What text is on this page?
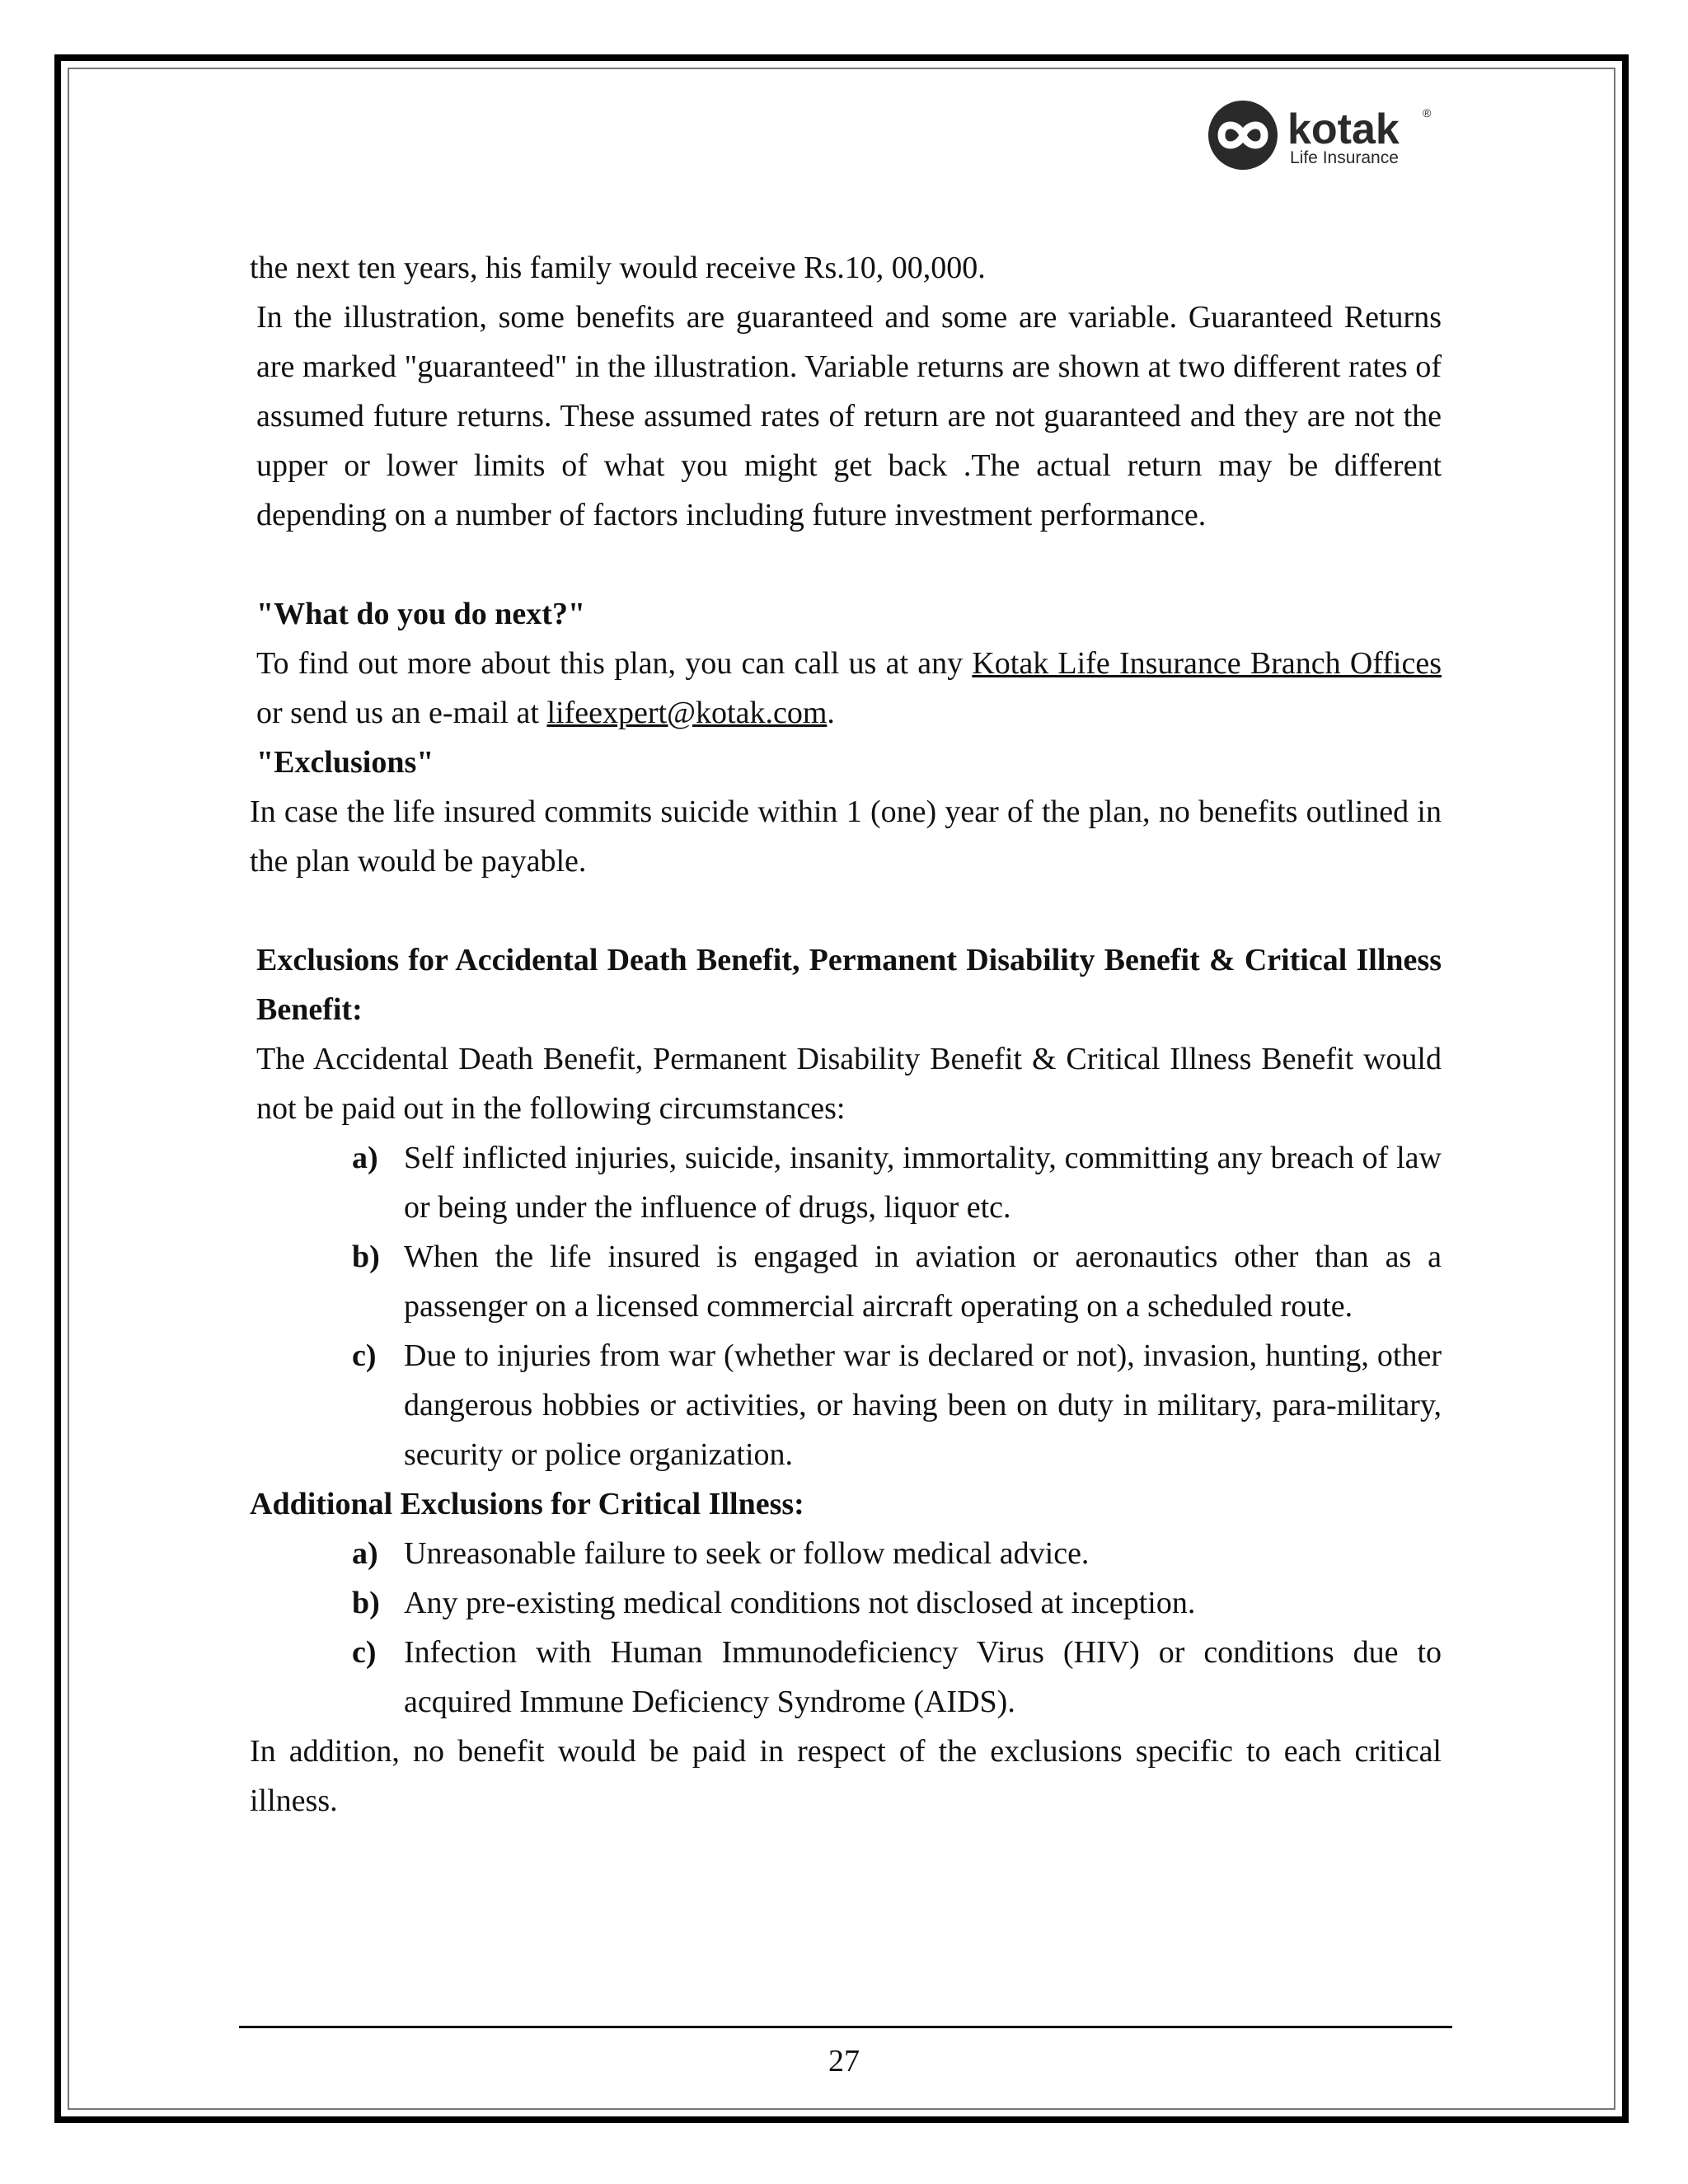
kotak ®
Life Insurance

the next ten years, his family would receive Rs.10, 00,000.

In the illustration, some benefits are guaranteed and some are variable. Guaranteed Returns are marked "guaranteed" in the illustration. Variable returns are shown at two different rates of assumed future returns. These assumed rates of return are not guaranteed and they are not the upper or lower limits of what you might get back .The actual return may be different depending on a number of factors including future investment performance.

"What do you do next?"

To find out more about this plan, you can call us at any Kotak Life Insurance Branch Offices or send us an e-mail at lifeexpert@kotak.com.

"Exclusions"

In case the life insured commits suicide within 1 (one) year of the plan, no benefits outlined in the plan would be payable.

Exclusions for Accidental Death Benefit, Permanent Disability Benefit & Critical Illness Benefit:

The Accidental Death Benefit, Permanent Disability Benefit & Critical Illness Benefit would not be paid out in the following circumstances:

a) Self inflicted injuries, suicide, insanity, immortality, committing any breach of law or being under the influence of drugs, liquor etc.
b) When the life insured is engaged in aviation or aeronautics other than as a passenger on a licensed commercial aircraft operating on a scheduled route.
c) Due to injuries from war (whether war is declared or not), invasion, hunting, other dangerous hobbies or activities, or having been on duty in military, para-military, security or police organization.

Additional Exclusions for Critical Illness:

a) Unreasonable failure to seek or follow medical advice.
b) Any pre-existing medical conditions not disclosed at inception.
c) Infection with Human Immunodeficiency Virus (HIV) or conditions due to acquired Immune Deficiency Syndrome (AIDS).

In addition, no benefit would be paid in respect of the exclusions specific to each critical illness.

27
